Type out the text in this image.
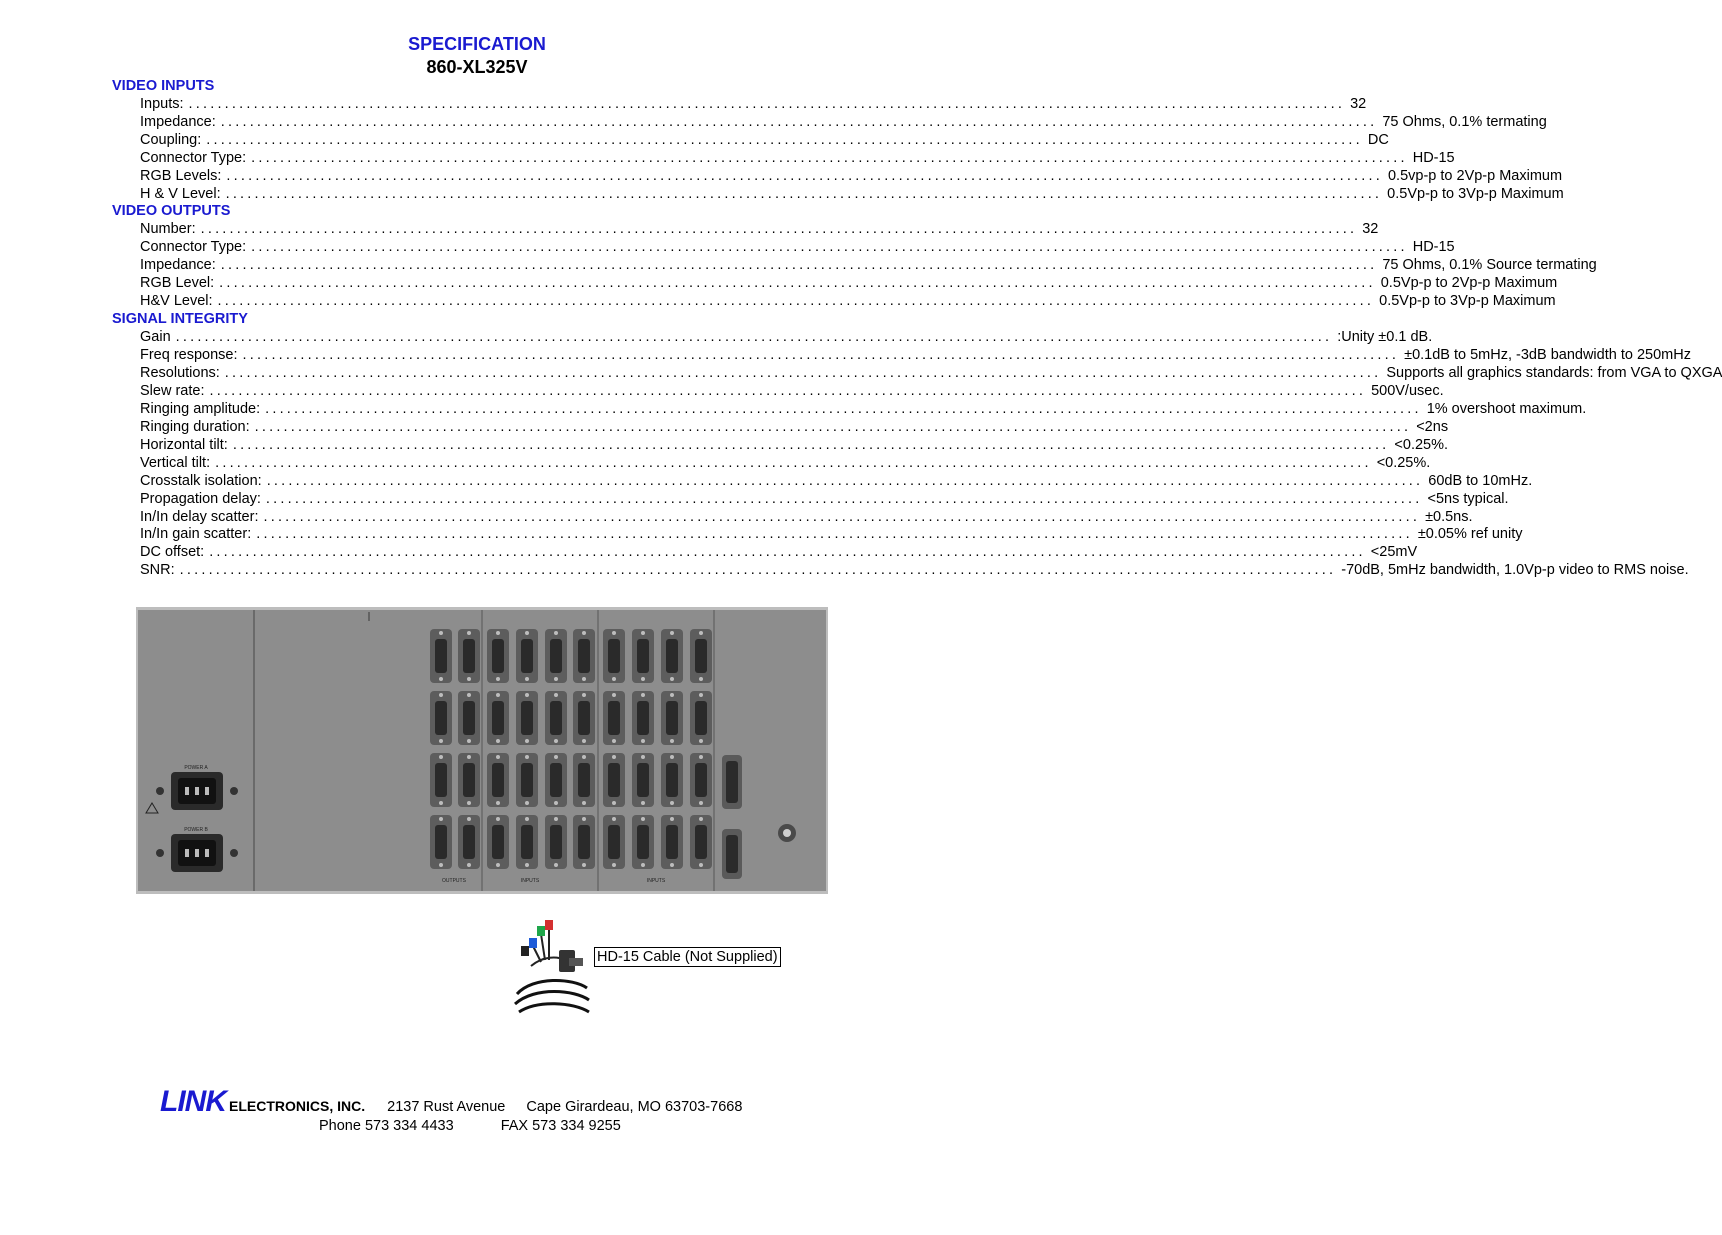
SPECIFICATION
860-XL325V
VIDEO INPUTS
Inputs: ................................................................................................................................................................ 32
Impedance: ................................................................................................................................................................ 75 Ohms, 0.1% termating
Coupling: ................................................................................................................................................................ DC
Connector Type: ................................................................................................................................................................ HD-15
RGB Levels: ................................................................................................................................................................ 0.5vp-p to 2Vp-p Maximum
H & V Level: ................................................................................................................................................................ 0.5Vp-p to 3Vp-p Maximum
VIDEO OUTPUTS
Number: ................................................................................................................................................................ 32
Connector Type: ................................................................................................................................................................ HD-15
Impedance: ................................................................................................................................................................ 75 Ohms, 0.1% Source termating
RGB Level: ................................................................................................................................................................ 0.5Vp-p to 2Vp-p Maximum
H&V Level: ................................................................................................................................................................ 0.5Vp-p to 3Vp-p Maximum
SIGNAL INTEGRITY
Gain ................................................................................................................................................................ :Unity ±0.1 dB.
Freq response: ................................................................................................................................................................ ±0.1dB to 5mHz, -3dB bandwidth to 250mHz
Resolutions: ................................................................................................................................................................ Supports all graphics standards: from VGA to QXGA
Slew rate: ................................................................................................................................................................ 500V/usec.
Ringing amplitude: ................................................................................................................................................................ 1% overshoot maximum.
Ringing duration: ................................................................................................................................................................ <2ns
Horizontal tilt: ................................................................................................................................................................ <0.25%.
Vertical tilt: ................................................................................................................................................................ <0.25%.
Crosstalk isolation: ................................................................................................................................................................ 60dB to 10mHz.
Propagation delay: ................................................................................................................................................................ <5ns typical.
In/In delay scatter: ................................................................................................................................................................ ±0.5ns.
In/In gain scatter: ................................................................................................................................................................ ±0.05% ref unity
DC offset: ................................................................................................................................................................ <25mV
SNR: ................................................................................................................................................................ -70dB, 5mHz bandwidth, 1.0Vp-p video to RMS noise.
POWER A
POWER B
INPUTS	INPUTS
OUTPUTS
HD-15 Cable (Not Supplied)
LINK ELECTRONICS, INC. 2137 Rust Avenue Cape Girardeau, MO 63703-7668
Phone 573 334 4433	FAX 573 334 9255
